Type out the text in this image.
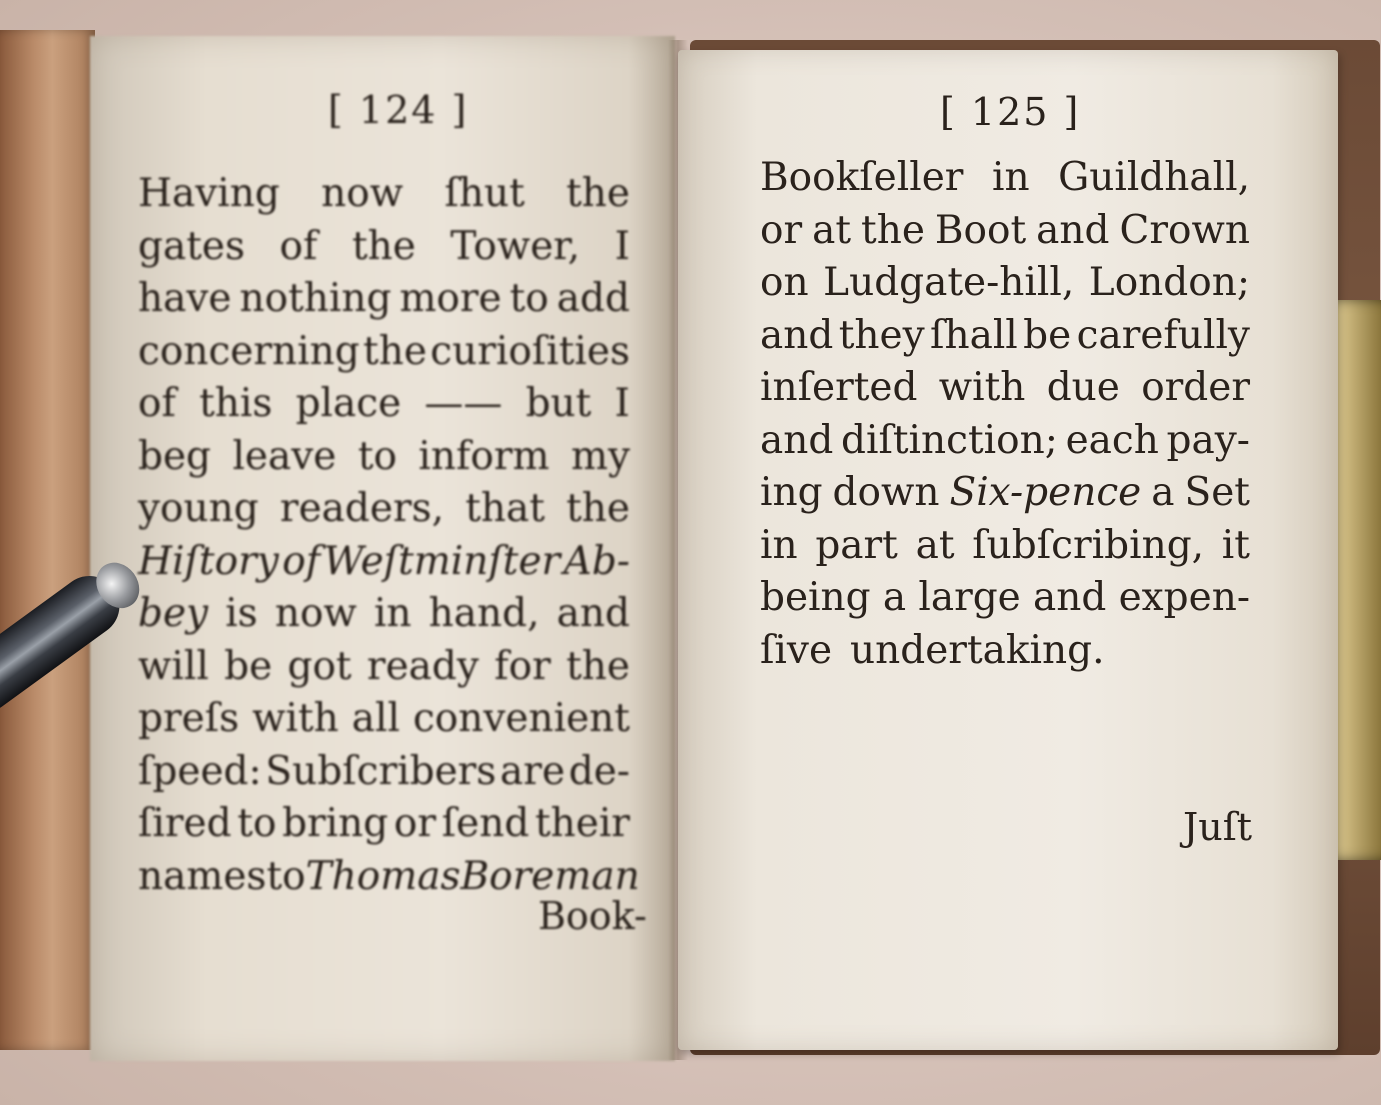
[ 124 ]
Having now ſhut the
gates of the Tower, I
have nothing more to add
concerning the curioſities
of this place —— but I
beg leave to inform my
young readers, that the
Hiſtory of Weſtminſter Ab-
bey is now in hand, and
will be got ready for the
preſs with all convenient
ſpeed: Subſcribers are de-
ſired to bring or ſend their
names to Thomas Boreman
Book-
[ 125 ]
Bookſeller in Guildhall,
or at the Boot and Crown
on Ludgate-hill, London;
and they ſhall be carefully
inſerted with due order
and diſtinction; each pay-
ing down Six-pence a Set
in part at ſubſcribing, it
being a large and expen-
ſive undertaking.
Juſt
